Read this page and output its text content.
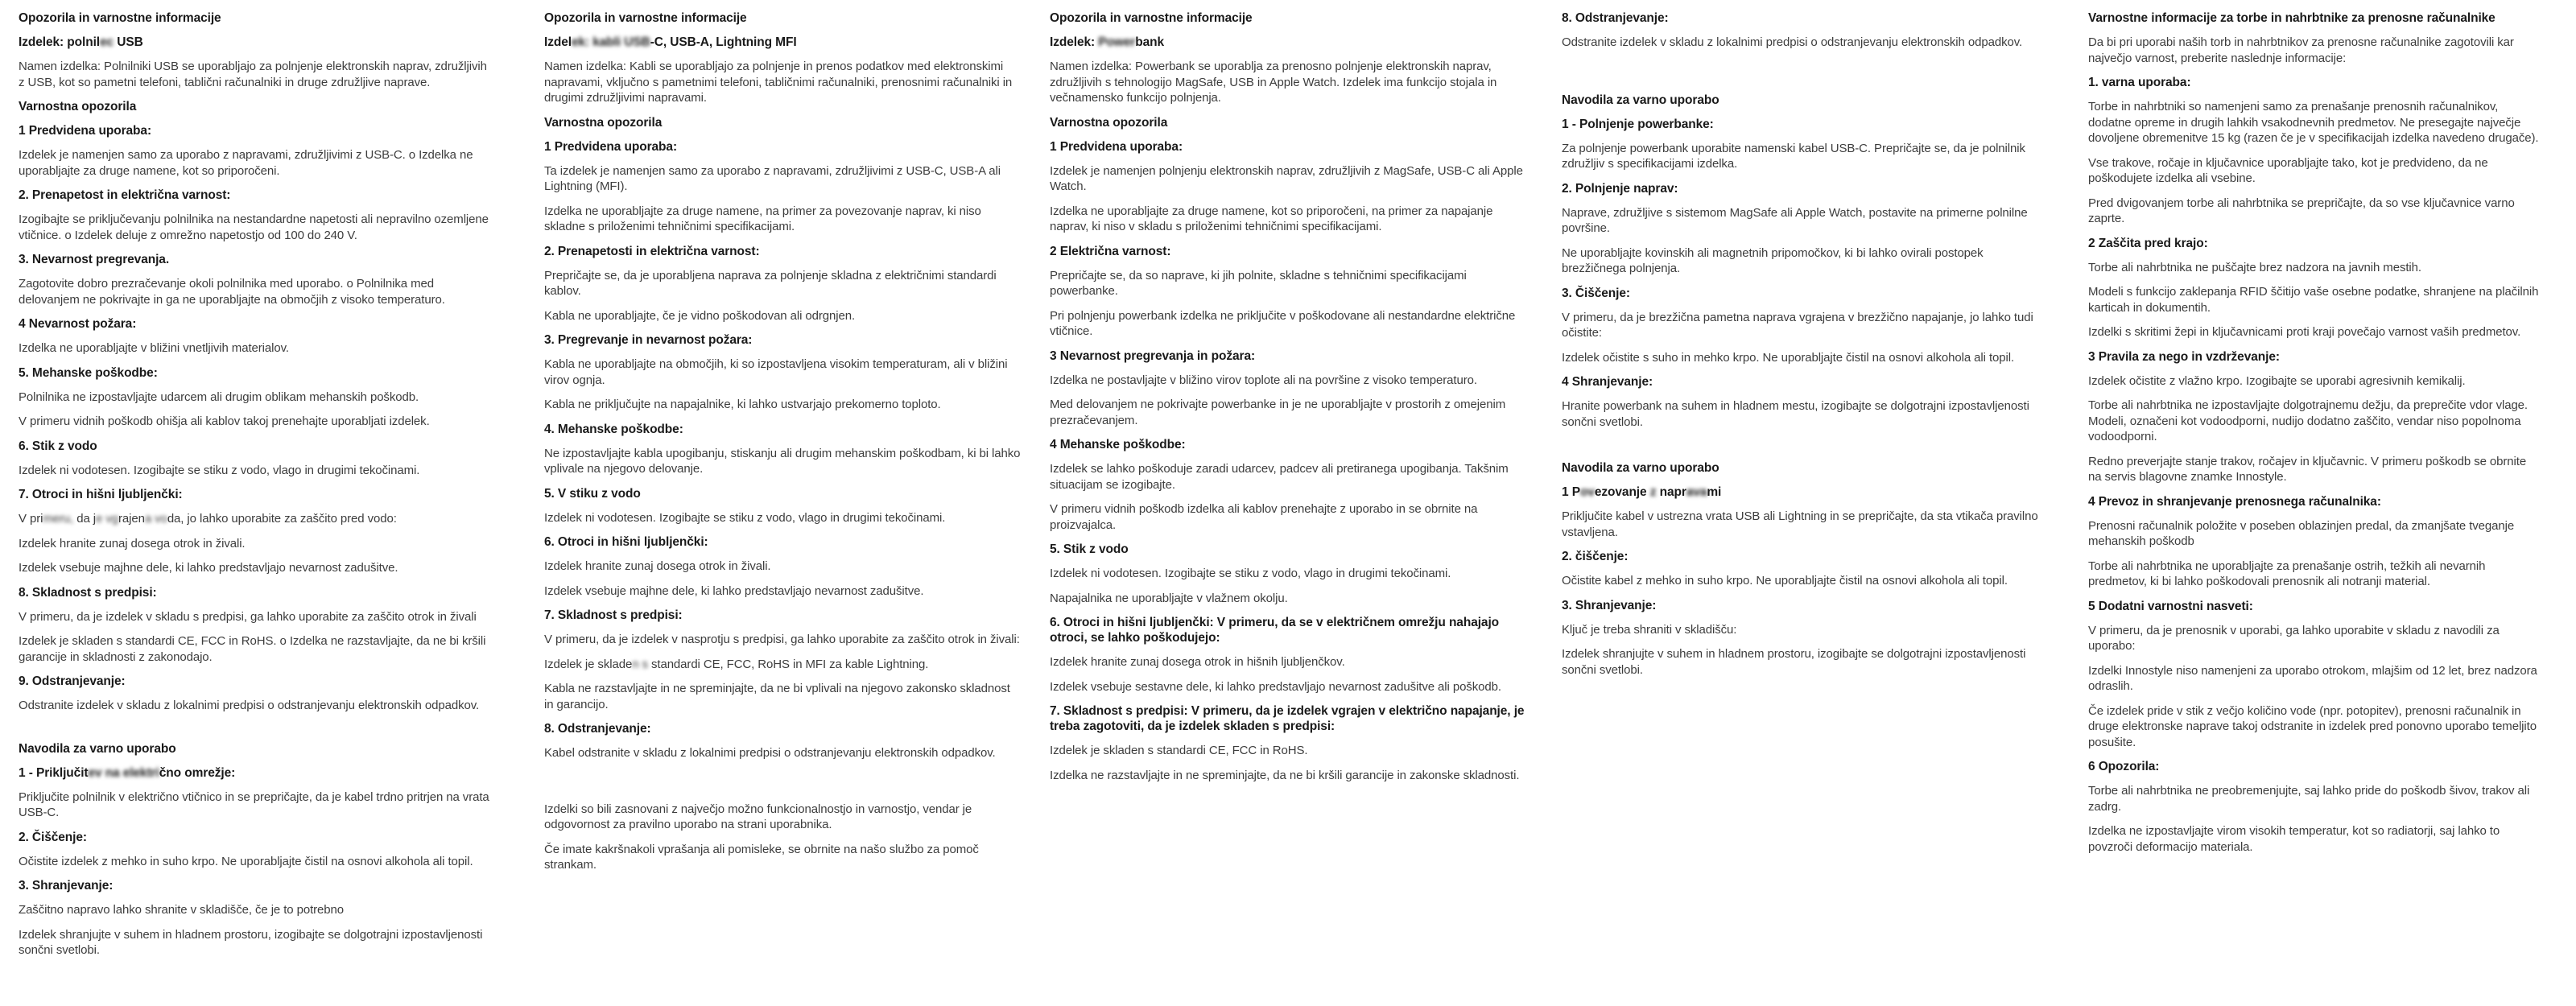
Opozorila in varnostne informacije
Izdelek: polnilec USB

Namen izdelka: Polnilniki USB se uporabljajo za polnjenje elektronskih naprav, združljivih z USB, kot so pametni telefoni, tablični računalniki in druge združljive naprave.

Varnostna opozorila
1 Predvidena uporaba:

Izdelek je namenjen samo za uporabo z napravami, združljivimi z USB-C. o Izdelka ne uporabljajte za druge namene, kot so priporočeni.

2. Prenapetost in električna varnost:

Izogibajte se priključevanju polnilnika na nestandardne napetosti ali nepravilno ozemljene vtičnice. o Izdelek deluje z omrežno napetostjo od 100 do 240 V.

3. Nevarnost pregrevanja.

Zagotovite dobro prezračevanje okoli polnilnika med uporabo. o Polnilnika med delovanjem ne pokrivajte in ga ne uporabljajte na območjih z visoko temperaturo.

4 Nevarnost požara:

Izdelka ne uporabljajte v bližini vnetljivih materialov.

5. Mehanske poškodbe:

Polnilnika ne izpostavljajte udarcem ali drugim oblikam mehanskih poškodb.

V primeru vidnih poškodb ohišja ali kablov takoj prenehajte uporabljati izdelek.

6. Stik z vodo

Izdelek ni vodotesen. Izogibajte se stiku z vodo, vlago in drugimi tekočinami.

7. Otroci in hišni ljubljenčki:

V primeru, da je vgrajena voda, jo lahko uporabite za zaščito pred vodo:

Izdelek hranite zunaj dosega otrok in živali.

Izdelek vsebuje majhne dele, ki lahko predstavljajo nevarnost zadušitve.

8. Skladnost s predpisi:

V primeru, da je izdelek v skladu s predpisi, ga lahko uporabite za zaščito otrok in živali

Izdelek je skladen s standardi CE, FCC in RoHS. o Izdelka ne razstavljajte, da ne bi kršili garancije in skladnosti z zakonodajo.

9. Odstranjevanje:

Odstranite izdelek v skladu z lokalnimi predpisi o odstranjevanju elektronskih odpadkov.

Navodila za varno uporabo
1 - Priključitev na električno omrežje:

Priključite polnilnik v električno vtičnico in se prepričajte, da je kabel trdno pritrjen na vrata USB-C.

2. Čiščenje:

Očistite izdelek z mehko in suho krpo. Ne uporabljajte čistil na osnovi alkohola ali topil.

3. Shranjevanje:

Zaščitno napravo lahko shranite v skladišče, če je to potrebno

Izdelek shranjujte v suhem in hladnem prostoru, izogibajte se dolgotrajni izpostavljenosti sončni svetlobi.

Opozorila in varnostne informacije
Izdelek: kabli USB-C, USB-A, Lightning MFI

Namen izdelka: Kabli se uporabljajo za polnjenje in prenos podatkov med elektronskimi napravami, vključno s pametnimi telefoni, tabličnimi računalniki, prenosnimi računalniki in drugimi združljivimi napravami.

Varnostna opozorila
1 Predvidena uporaba:

Ta izdelek je namenjen samo za uporabo z napravami, združljivimi z USB-C, USB-A ali Lightning (MFI).

Izdelka ne uporabljajte za druge namene, na primer za povezovanje naprav, ki niso skladne s priloženimi tehničnimi specifikacijami.

2. Prenapetosti in električna varnost:

Prepričajte se, da je uporabljena naprava za polnjenje skladna z električnimi standardi kablov.

Kabla ne uporabljajte, če je vidno poškodovan ali odrgnjen.

3. Pregrevanje in nevarnost požara:

Kabla ne uporabljajte na območjih, ki so izpostavljena visokim temperaturam, ali v bližini virov ognja.

Kabla ne priključujte na napajalnike, ki lahko ustvarjajo prekomerno toploto.

4. Mehanske poškodbe:

Ne izpostavljajte kabla upogibanju, stiskanju ali drugim mehanskim poškodbam, ki bi lahko vplivale na njegovo delovanje.

5. V stiku z vodo

Izdelek ni vodotesen. Izogibajte se stiku z vodo, vlago in drugimi tekočinami.

6. Otroci in hišni ljubljenčki:

Izdelek hranite zunaj dosega otrok in živali.

Izdelek vsebuje majhne dele, ki lahko predstavljajo nevarnost zadušitve.

7. Skladnost s predpisi:

V primeru, da je izdelek v nasprotju s predpisi, ga lahko uporabite za zaščito otrok in živali:

Izdelek je skladen s standardi CE, FCC, RoHS in MFI za kable Lightning.

Kabla ne razstavljajte in ne spreminjajte, da ne bi vplivali na njegovo zakonsko skladnost in garancijo.

8. Odstranjevanje:

Kabel odstranite v skladu z lokalnimi predpisi o odstranjevanju elektronskih odpadkov.

Izdelki so bili zasnovani z največjo možno funkcionalnostjo in varnostjo, vendar je odgovornost za pravilno uporabo na strani uporabnika.

Če imate kakršnakoli vprašanja ali pomisleke, se obrnite na našo službo za pomoč strankam.

Opozorila in varnostne informacije
Izdelek: Powerbank

Namen izdelka: Powerbank se uporablja za prenosno polnjenje elektronskih naprav, združljivih s tehnologijo MagSafe, USB in Apple Watch. Izdelek ima funkcijo stojala in večnamensko funkcijo polnjenja.

Varnostna opozorila
1 Predvidena uporaba:

Izdelek je namenjen polnjenju elektronskih naprav, združljivih z MagSafe, USB-C ali Apple Watch.

Izdelka ne uporabljajte za druge namene, kot so priporočeni, na primer za napajanje naprav, ki niso v skladu s priloženimi tehničnimi specifikacijami.

2 Električna varnost:

Prepričajte se, da so naprave, ki jih polnite, skladne s tehničnimi specifikacijami powerbanke.

Pri polnjenju powerbank izdelka ne priključite v poškodovane ali nestandardne električne vtičnice.

3 Nevarnost pregrevanja in požara:

Izdelka ne postavljajte v bližino virov toplote ali na površine z visoko temperaturo.

Med delovanjem ne pokrivajte powerbanke in je ne uporabljajte v prostorih z omejenim prezračevanjem.

4 Mehanske poškodbe:

Izdelek se lahko poškoduje zaradi udarcev, padcev ali pretiranega upogibanja. Takšnim situacijam se izogibajte.

V primeru vidnih poškodb izdelka ali kablov prenehajte z uporabo in se obrnite na proizvajalca.

5. Stik z vodo

Izdelek ni vodotesen. Izogibajte se stiku z vodo, vlago in drugimi tekočinami.

Napajalnika ne uporabljajte v vlažnem okolju.

6. Otroci in hišni ljubljenčki: V primeru, da se v električnem omrežju nahajajo otroci, se lahko poškodujejo:

Izdelek hranite zunaj dosega otrok in hišnih ljubljenčkov.

Izdelek vsebuje sestavne dele, ki lahko predstavljajo nevarnost zadušitve ali poškodb.

7. Skladnost s predpisi: V primeru, da je izdelek vgrajen v električno napajanje, je treba zagotoviti, da je izdelek skladen s predpisi:

Izdelek je skladen s standardi CE, FCC in RoHS.

Izdelka ne razstavljajte in ne spreminjajte, da ne bi kršili garancije in zakonske skladnosti.

8. Odstranjevanje:

Odstranite izdelek v skladu z lokalnimi predpisi o odstranjevanju elektronskih odpadkov.

Navodila za varno uporabo
1 - Polnjenje powerbanke:

Za polnjenje powerbank uporabite namenski kabel USB-C. Prepričajte se, da je polnilnik združljiv s specifikacijami izdelka.

2. Polnjenje naprav:

Naprave, združljive s sistemom MagSafe ali Apple Watch, postavite na primerne polnilne površine.

Ne uporabljajte kovinskih ali magnetnih pripomočkov, ki bi lahko ovirali postopek brezžičnega polnjenja.

3. Čiščenje:

V primeru, da je brezžična pametna naprava vgrajena v brezžično napajanje, jo lahko tudi očistite:

Izdelek očistite s suho in mehko krpo. Ne uporabljajte čistil na osnovi alkohola ali topil.

4 Shranjevanje:

Hranite powerbank na suhem in hladnem mestu, izogibajte se dolgotrajni izpostavljenosti sončni svetlobi.

Navodila za varno uporabo
1 Povezovanje z napravami

Priključite kabel v ustrezna vrata USB ali Lightning in se prepričajte, da sta vtikača pravilno vstavljena.

2. čiščenje:

Očistite kabel z mehko in suho krpo. Ne uporabljajte čistil na osnovi alkohola ali topil.

3. Shranjevanje:

Ključ je treba shraniti v skladišču:

Izdelek shranjujte v suhem in hladnem prostoru, izogibajte se dolgotrajni izpostavljenosti sončni svetlobi.

Varnostne informacije za torbe in nahrbtnike za prenosne računalnike

Da bi pri uporabi naših torb in nahrbtnikov za prenosne računalnike zagotovili kar največjo varnost, preberite naslednje informacije:

1. varna uporaba:

Torbe in nahrbtniki so namenjeni samo za prenašanje prenosnih računalnikov, dodatne opreme in drugih lahkih vsakodnevnih predmetov. Ne presegajte največje dovoljene obremenitve 15 kg (razen če je v specifikacijah izdelka navedeno drugače).

Vse trakove, ročaje in ključavnice uporabljajte tako, kot je predvideno, da ne poškodujete izdelka ali vsebine.

Pred dvigovanjem torbe ali nahrbtnika se prepričajte, da so vse ključavnice varno zaprte.

2 Zaščita pred krajo:

Torbe ali nahrbtnika ne puščajte brez nadzora na javnih mestih.

Modeli s funkcijo zaklepanja RFID ščitijo vaše osebne podatke, shranjene na plačilnih karticah in dokumentih.

Izdelki s skritimi žepi in ključavnicami proti kraji povečajo varnost vaših predmetov.

3 Pravila za nego in vzdrževanje:

Izdelek očistite z vlažno krpo. Izogibajte se uporabi agresivnih kemikalij.

Torbe ali nahrbtnika ne izpostavljajte dolgotrajnemu dežju, da preprečite vdor vlage. Modeli, označeni kot vodoodporni, nudijo dodatno zaščito, vendar niso popolnoma vodoodporni.

Redno preverjajte stanje trakov, ročajev in ključavnic. V primeru poškodb se obrnite na servis blagovne znamke Innostyle.

4 Prevoz in shranjevanje prenosnega računalnika:

Prenosni računalnik položite v poseben oblazinjen predal, da zmanjšate tveganje mehanskih poškodb

Torbe ali nahrbtnika ne uporabljajte za prenašanje ostrih, težkih ali nevarnih predmetov, ki bi lahko poškodovali prenosnik ali notranji material.

5 Dodatni varnostni nasveti:

V primeru, da je prenosnik v uporabi, ga lahko uporabite v skladu z navodili za uporabo:

Izdelki Innostyle niso namenjeni za uporabo otrokom, mlajšim od 12 let, brez nadzora odraslih.

Če izdelek pride v stik z večjo količino vode (npr. potopitev), prenosni računalnik in druge elektronske naprave takoj odstranite in izdelek pred ponovno uporabo temeljito posušite.

6 Opozorila:

Torbe ali nahrbtnika ne preobremenjujte, saj lahko pride do poškodb šivov, trakov ali zadrg.

Izdelka ne izpostavljajte virom visokih temperatur, kot so radiatorji, saj lahko to povzroči deformacijo materiala.
